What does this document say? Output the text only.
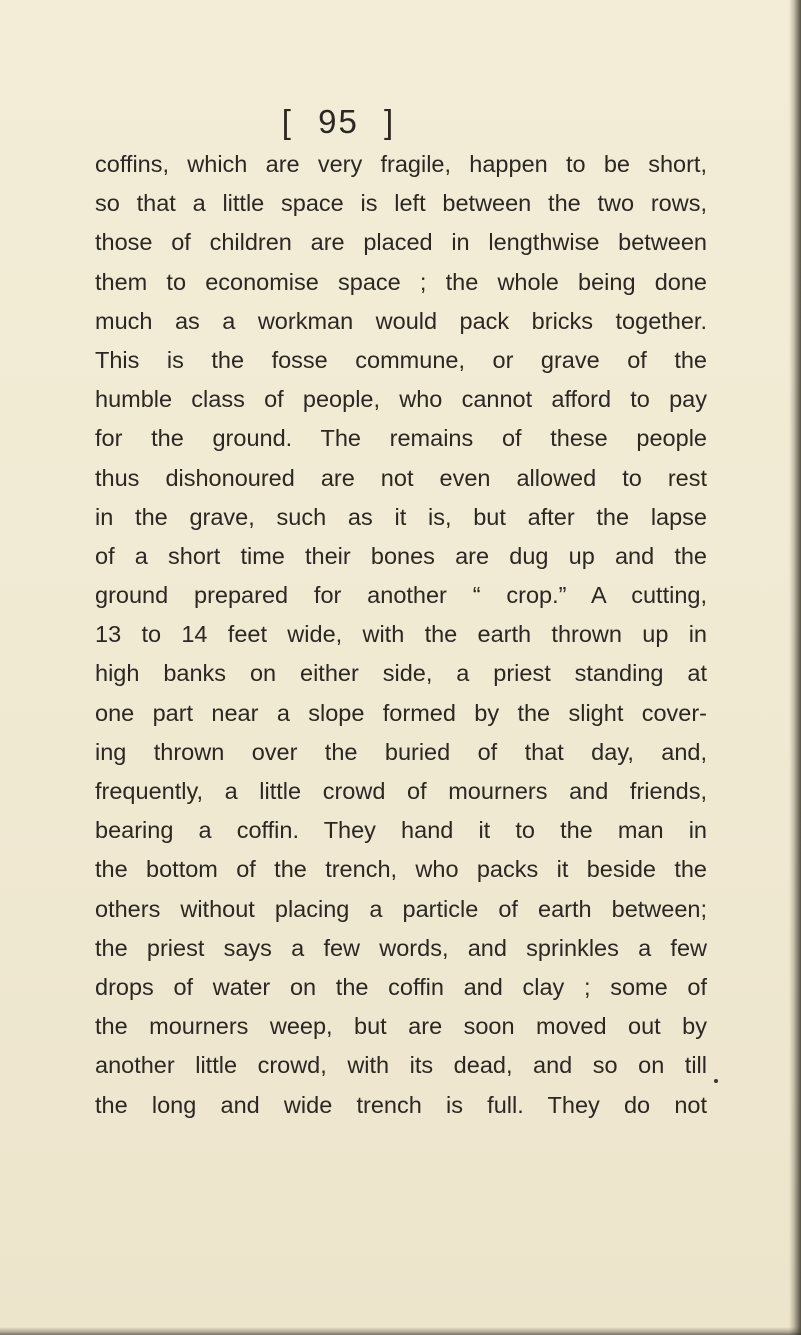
[ 95 ]
coffins, which are very fragile, happen to be short,
so that a little space is left between the two rows,
those of children are placed in lengthwise between
them to economise space ; the whole being done
much as a workman would pack bricks together.
This is the fosse commune, or grave of the
humble class of people, who cannot afford to pay
for the ground. The remains of these people
thus dishonoured are not even allowed to rest
in the grave, such as it is, but after the lapse
of a short time their bones are dug up and the
ground prepared for another “ crop.” A cutting,
13 to 14 feet wide, with the earth thrown up in
high banks on either side, a priest standing at
one part near a slope formed by the slight cover-
ing thrown over the buried of that day, and,
frequently, a little crowd of mourners and friends,
bearing a coffin. They hand it to the man in
the bottom of the trench, who packs it beside the
others without placing a particle of earth between;
the priest says a few words, and sprinkles a few
drops of water on the coffin and clay ; some of
the mourners weep, but are soon moved out by
another little crowd, with its dead, and so on till
the long and wide trench is full. They do not
